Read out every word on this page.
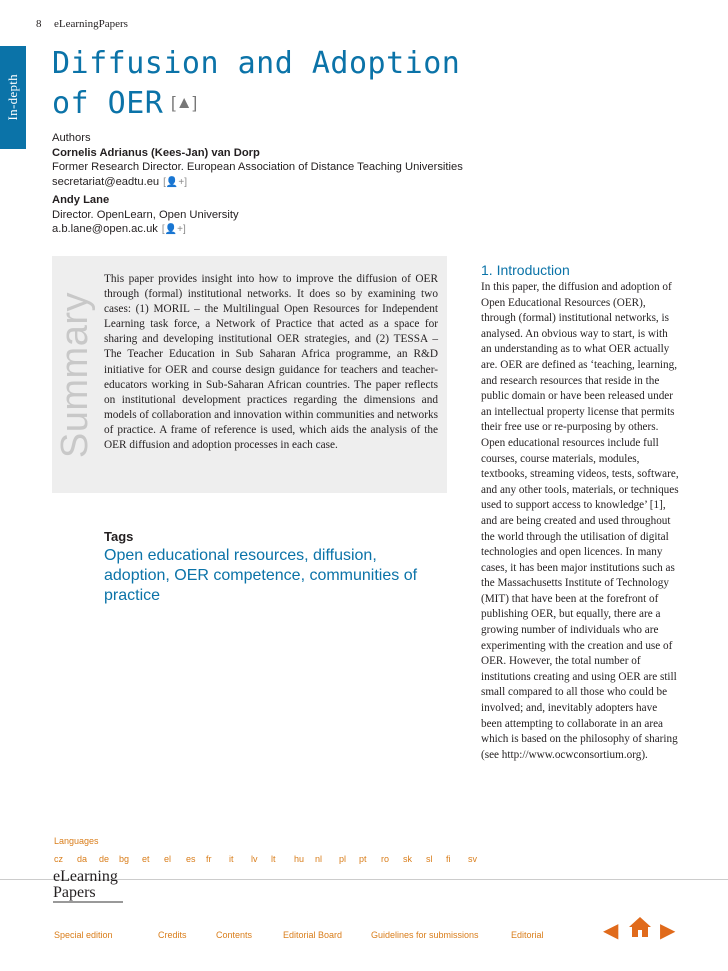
8 eLearningPapers
In-depth
Diffusion and Adoption
of OER [▲]
Authors
Cornelis Adrianus (Kees-Jan) van Dorp
Former Research Director. European Association of Distance Teaching Universities
secretariat@eadtu.eu [👤+]
Andy Lane
Director. OpenLearn, Open University
a.b.lane@open.ac.uk [👤+]
Summary
This paper provides insight into how to improve the diffusion of OER through (formal) institutional networks. It does so by examining two cases: (1) MORIL – the Multilingual Open Resources for Independent Learning task force, a Network of Practice that acted as a space for sharing and developing institutional OER strategies, and (2) TESSA – The Teacher Education in Sub Saharan Africa programme, an R&D initiative for OER and course design guidance for teachers and teacher-educators working in Sub-Saharan African countries. The paper reflects on institutional development practices regarding the dimensions and models of collaboration and innovation within communities and networks of practice. A frame of reference is used, which aids the analysis of the OER diffusion and adoption processes in each case.
Tags
Open educational resources, diffusion, adoption, OER competence, communities of practice
1. Introduction
In this paper, the diffusion and adoption of Open Educational Resources (OER), through (formal) institutional networks, is analysed. An obvious way to start, is with an understanding as to what OER actually are. OER are defined as ‘teaching, learning, and research resources that reside in the public domain or have been released under an intellectual property license that permits their free use or re-purposing by others. Open educational resources include full courses, course materials, modules, textbooks, streaming videos, tests, software, and any other tools, materials, or techniques used to support access to knowledge’ [1], and are being created and used throughout the world through the utilisation of digital technologies and open licences. In many cases, it has been major institutions such as the Massachusetts Institute of Technology (MIT) that have been at the forefront of publishing OER, but equally, there are a growing number of individuals who are experimenting with the creation and use of OER. However, the total number of institutions creating and using OER are still small compared to all those who could be involved; and, inevitably adopters have been attempting to collaborate in an area which is based on the philosophy of sharing (see http://www.ocwconsortium.org).
Languages
cz da de bg et el es fr it lv lt hu nl pl pt ro sk sl fi sv
eLearning
Papers
Special edition	Credits	Contents	Editorial Board	Guidelines for submissions	Editorial	◀ ▶
